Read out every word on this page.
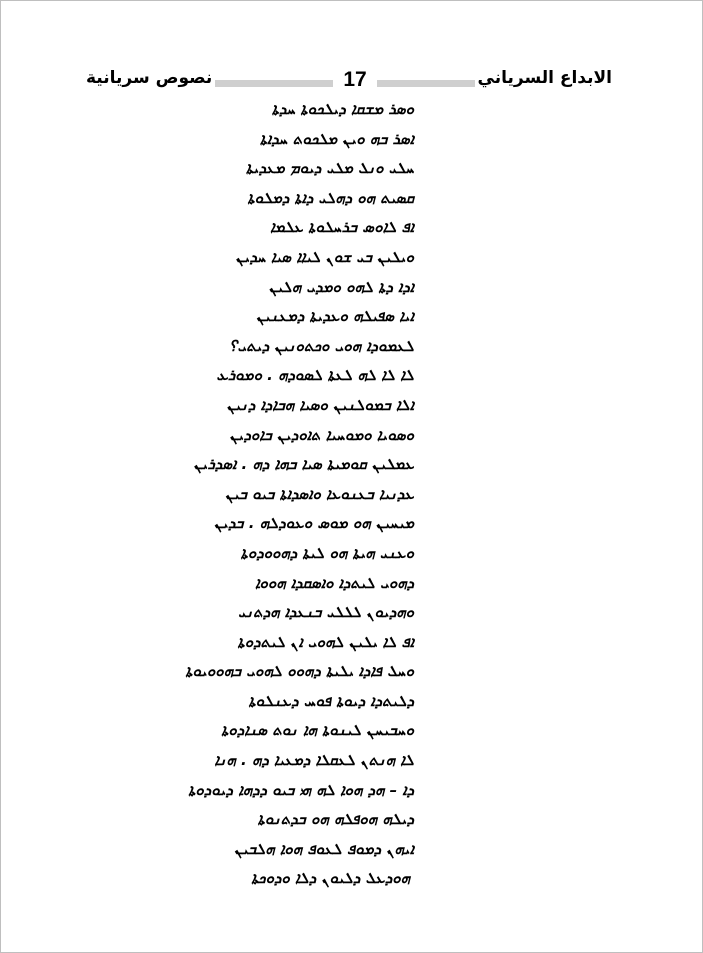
نصوص سريانية	17	الابداع السرياني
ܘܣܪ ܡܫܩܐ ܕܝܠܟܘܬܐ ܚܕܬܐ
ܐܣܪ ܒܗ ܘܝܢ ܡܠܟܘܬ ܚܕܐܬܐ
ܚܠܝ ܘܢܠ ܡܠܝ ܕܝܘܡ ܡܥܕܝܬܐ
ܩܣܝܬ ܗܘ ܕܗܠܝ ܕܐܬܐ ܕܡܠܘܬܐ
ܐܦ ܠܐܘܣ ܒܪܚܠܘܬܐ ܥܠܡܐ
ܘܝܠܝܢ ܒܝ ܫܘܢ ܠܝܐܐ ܣܝܐ ܚܕܝܢ
ܐܕܐ ܕܬܐ ܠܗܘ ܘܡܕܝ ܗܠܝܢ
ܐܝܐ ܣܦܝܠܗ ܘܥܕܝܬܐ ܕܡܥܢܝܢ
ܠܥܡܘܕܐ ܗܘܝ ܘܟܬܘܢܝܢ ܕܝܬܝ؟
ܠܐ ܠܐ ܠܗ ܠܥܬܐ ܠܣܘܕܗ . ܘܡܘܪܥ
ܐܠܐ ܒܡܘܠܢܝܢ ܘܣܝܐ ܗܒܐܕܐ ܕܢܝܢ
ܘܣܘܝܐ ܘܡܘܚܝܐ ܬܐܘܕܝܢ ܒܐܘܕܝܢ
ܥܡܠܝܢ ܩܘܡܝܬܐ ܣܝܐ ܒܗܐ ܕܗ . ܐܣܕܪܝܢ
ܥܕܢܝܐ ܒܥܢܘܥܐ ܘܐܣܕܐܬܐ ܒܝܘ ܒܝܢ
ܡܝܚܝܢ ܗܘ ܡܘܣ ܘܥܘܕܠܗ . ܒܕܝܢ
ܘܥܢܝ ܗܝܬܐ ܗܘ ܠܝܬܐ ܕܗܘܘܕܘܬܐ
ܕܗܘܝ ܠܝܬܕܐ ܘܐܣܩܕܐ ܗܘܘܐ
ܘܗܕܝܘܢ ܠܠܠܝ ܒܢܥܕܐ ܗܕܬܢܝ
ܐܦ ܠܐ ܝܠܝܢ ܠܗܘܝ ܐܢ ܠܝܬܕܘܬܐ
ܘܚܠ ܦܐܕܐ ܝܠܝܬܐ ܕܗܘܘ ܠܗܘܝ ܒܗܘܘܝܘܬܐ
ܕܠܝܬܕܐ ܕܝܘܬܐ ܦܘܚ ܕܥܢܠܘܬܐ
ܘܚܒܝܚܢ ܠܝܢܘܬܐ ܗܐ ܢܘܬ ܣܢܐܕܘܬܐ
ܠܐ ܗܢܬܢ ܠܥܩܠܐ ܕܡܥܝܐ ܕܗ . ܗܢܐ
ܕܐ – ܗܕ ܗܘܐ ܠܗ ܗܝ ܒܝܘ ܕܕܗܐ ܕܝܘܕܘܬܐ
ܕܝܠܗ ܗܘܦܠܗ ܗܘ ܒܕܬܢܘܬܐ
ܐܝܗܢ ܕܡܘܦ ܠܥܘܦ ܗܘܐ ܗܠܒܝܢ
ܗܘܕܥܠ ܕܠܝܘܢ ܕܠܐ ܘܕܘܟܬܐ
